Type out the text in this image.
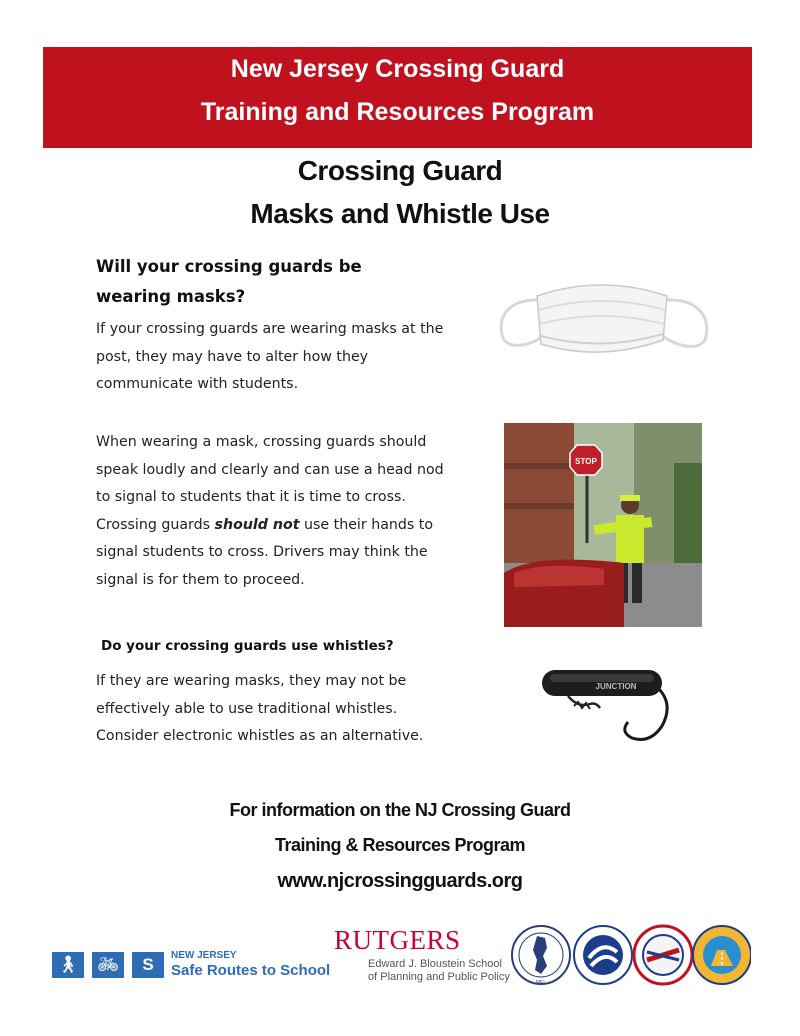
New Jersey Crossing Guard
Training and Resources Program
Crossing Guard
Masks and Whistle Use
Will your crossing guards be wearing masks?
If your crossing guards are wearing masks at the post, they may have to alter how they communicate with students.
When wearing a mask, crossing guards should speak loudly and clearly and can use a head nod to signal to students that it is time to cross. Crossing guards should not use their hands to signal students to cross. Drivers may think the signal is for them to proceed.
STOP
Do your crossing guards use whistles?
If they are wearing masks, they may not be effectively able to use traditional whistles. Consider electronic whistles as an alternative.
JUNCTION
For information on the NJ Crossing Guard
Training & Resources Program
www.njcrossingguards.org
🚶︎	🚲︎	S	NEW JERSEY
Safe Routes to School
RUTGERS
Edward J. Bloustein School
of Planning and Public Policy	MEL
